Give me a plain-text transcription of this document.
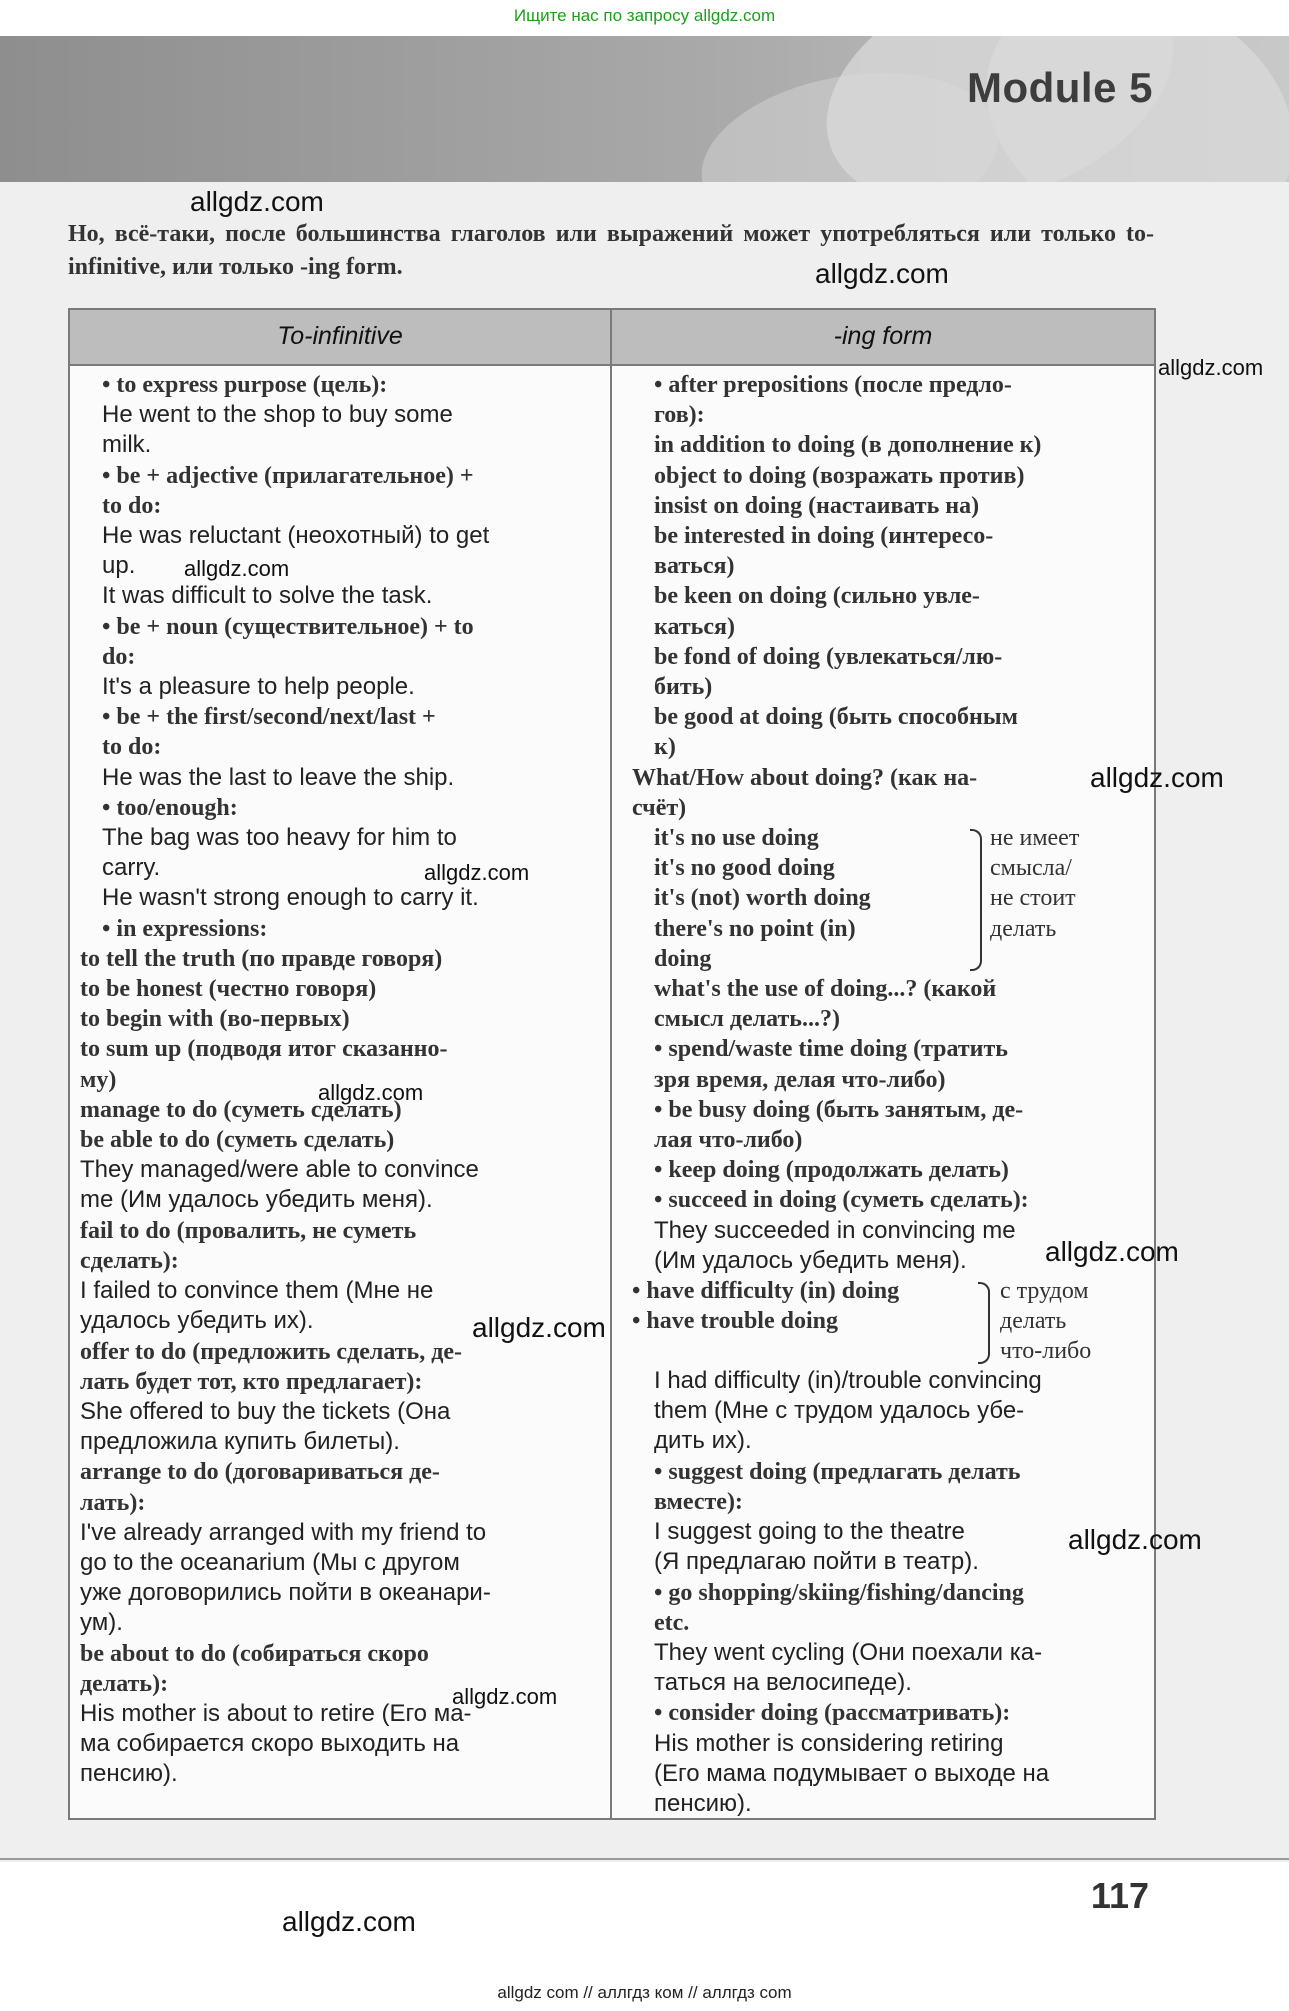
Ищите нас по запросу allgdz.com
Module 5
Но, всё-таки, после большинства глаголов или выражений может употребляться или только to-infinitive, или только -ing form.
To-infinitive	-ing form
• to express purpose (цель):
He went to the shop to buy some
milk.
• be + adjective (прилагательное) +
to do:
He was reluctant (неохотный) to get
up.
It was difficult to solve the task.
• be + noun (существительное) + to
do:
It's a pleasure to help people.
• be + the first/second/next/last +
to do:
He was the last to leave the ship.
• too/enough:
The bag was too heavy for him to
carry.
He wasn't strong enough to carry it.
• in expressions:
to tell the truth (по правде говоря)
to be honest (честно говоря)
to begin with (во-первых)
to sum up (подводя итог сказанно-
му)
manage to do (суметь сделать)
be able to do (суметь сделать)
They managed/were able to convince
me (Им удалось убедить меня).
fail to do (провалить, не суметь
сделать):
I failed to convince them (Мне не
удалось убедить их).
offer to do (предложить сделать, де-
лать будет тот, кто предлагает):
She offered to buy the tickets (Она
предложила купить билеты).
arrange to do (договариваться де-
лать):
I've already arranged with my friend to
go to the oceanarium (Мы с другом
уже договорились пойти в океанари-
ум).
be about to do (собираться скоро
делать):
His mother is about to retire (Его ма-
ма собирается скоро выходить на
пенсию).
• after prepositions (после предло-
гов):
in addition to doing (в дополнение к)
object to doing (возражать против)
insist on doing (настаивать на)
be interested in doing (интересо-
ваться)
be keen on doing (сильно увле-
каться)
be fond of doing (увлекаться/лю-
бить)
be good at doing (быть способным
к)
What/How about doing? (как на-
счёт)
it's no use doing
it's no good doing
it's (not) worth doing
there's no point (in)
doing
не имеет
смысла/
не стоит
делать
what's the use of doing...? (какой
смысл делать...?)
• spend/waste time doing (тратить
зря время, делая что-либо)
• be busy doing (быть занятым, де-
лая что-либо)
• keep doing (продолжать делать)
• succeed in doing (суметь сделать):
They succeeded in convincing me
(Им удалось убедить меня).
• have difficulty (in) doing
• have trouble doing
с трудом
делать
что-либо
I had difficulty (in)/trouble convincing
them (Мне с трудом удалось убе-
дить их).
• suggest doing (предлагать делать
вместе):
I suggest going to the theatre
(Я предлагаю пойти в театр).
• go shopping/skiing/fishing/dancing
etc.
They went cycling (Они поехали ка-
таться на велосипеде).
• consider doing (рассматривать):
His mother is considering retiring
(Его мама подумывает о выходе на
пенсию).
allgdz.com
allgdz.com
allgdz.com
allgdz.com
allgdz.com
allgdz.com
allgdz.com
allgdz.com
allgdz.com
allgdz.com
allgdz.com
allgdz.com
117
allgdz com // аллгдз ком // аллгдз com
